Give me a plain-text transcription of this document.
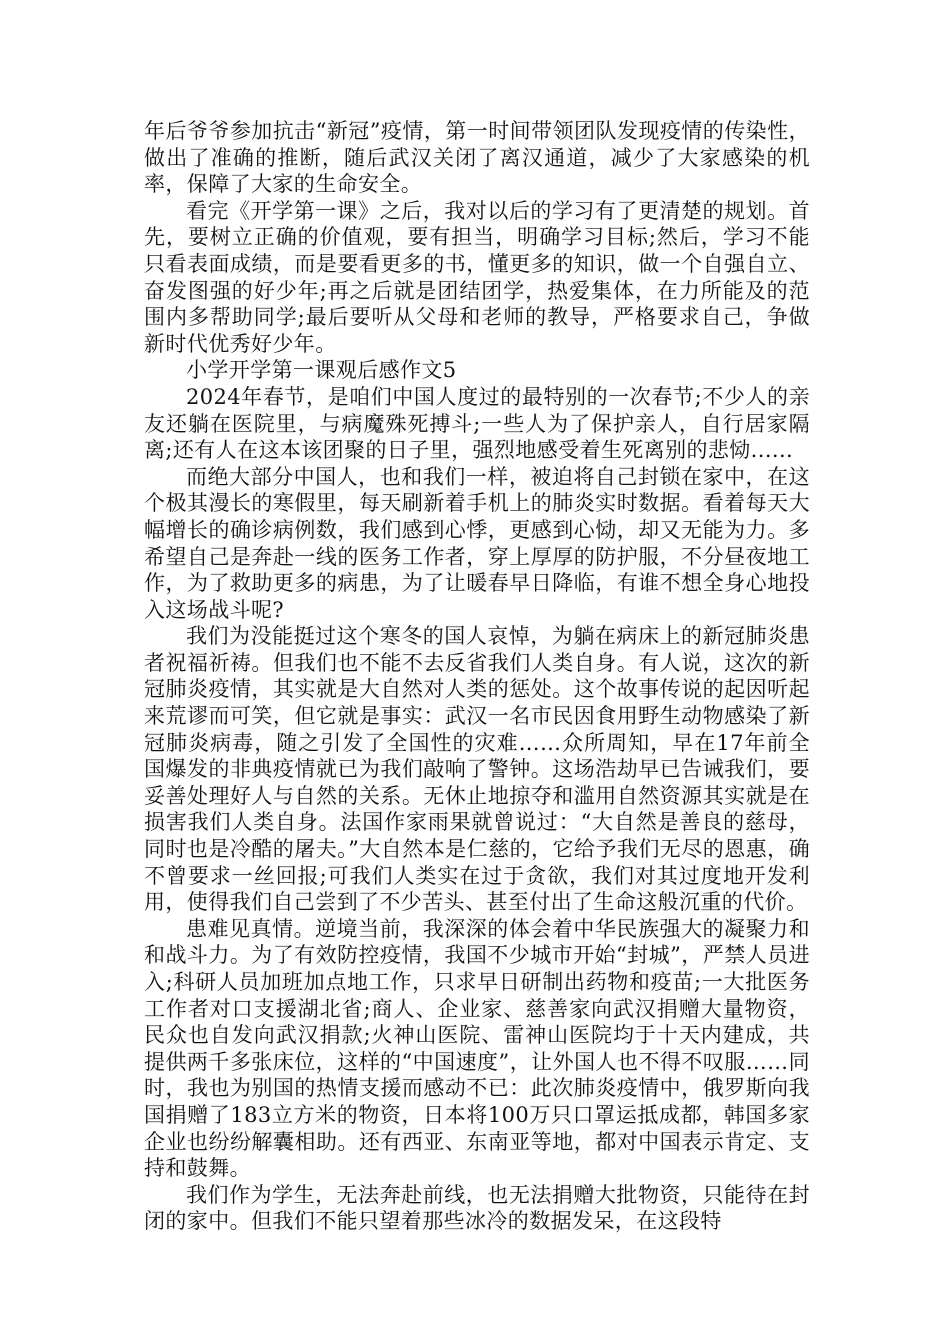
年后爷爷参加抗击“新冠”疫情，第一时间带领团队发现疫情的传染性，做出了准确的推断，随后武汉关闭了离汉通道，减少了大家感染的机率，保障了大家的生命安全。

看完《开学第一课》之后，我对以后的学习有了更清楚的规划。首先，要树立正确的价值观，要有担当，明确学习目标;然后，学习不能只看表面成绩，而是要看更多的书，懂更多的知识，做一个自强自立、奋发图强的好少年;再之后就是团结团学，热爱集体，在力所能及的范围内多帮助同学;最后要听从父母和老师的教导，严格要求自己，争做新时代优秀好少年。

小学开学第一课观后感作文5

2024年春节，是咱们中国人度过的最特别的一次春节;不少人的亲友还躺在医院里，与病魔殊死搏斗;一些人为了保护亲人，自行居家隔离;还有人在这本该团聚的日子里，强烈地感受着生死离别的悲恸......

而绝大部分中国人，也和我们一样，被迫将自己封锁在家中，在这个极其漫长的寒假里，每天刷新着手机上的肺炎实时数据。看着每天大幅增长的确诊病例数，我们感到心悸，更感到心恸，却又无能为力。多希望自己是奔赴一线的医务工作者，穿上厚厚的防护服，不分昼夜地工作，为了救助更多的病患，为了让暖春早日降临，有谁不想全身心地投入这场战斗呢?

我们为没能挺过这个寒冬的国人哀悼，为躺在病床上的新冠肺炎患者祝福祈祷。但我们也不能不去反省我们人类自身。有人说，这次的新冠肺炎疫情，其实就是大自然对人类的惩处。这个故事传说的起因听起来荒谬而可笑，但它就是事实：武汉一名市民因食用野生动物感染了新冠肺炎病毒，随之引发了全国性的灾难……众所周知，早在17年前全国爆发的非典疫情就已为我们敲响了警钟。这场浩劫早已告诫我们，要妥善处理好人与自然的关系。无休止地掠夺和滥用自然资源其实就是在损害我们人类自身。法国作家雨果就曾说过：“大自然是善良的慈母，同时也是冷酷的屠夫。”大自然本是仁慈的，它给予我们无尽的恩惠，确不曾要求一丝回报;可我们人类实在过于贪欲，我们对其过度地开发利用，使得我们自己尝到了不少苦头、甚至付出了生命这般沉重的代价。

患难见真情。逆境当前，我深深的体会着中华民族强大的凝聚力和和战斗力。为了有效防控疫情，我国不少城市开始“封城”，严禁人员进入;科研人员加班加点地工作，只求早日研制出药物和疫苗;一大批医务工作者对口支援湖北省;商人、企业家、慈善家向武汉捐赠大量物资，民众也自发向武汉捐款;火神山医院、雷神山医院均于十天内建成，共提供两千多张床位，这样的“中国速度”，让外国人也不得不叹服……同时，我也为别国的热情支援而感动不已：此次肺炎疫情中，俄罗斯向我国捐赠了183立方米的物资，日本将100万只口罩运抵成都，韩国多家企业也纷纷解囊相助。还有西亚、东南亚等地，都对中国表示肯定、支持和鼓舞。

我们作为学生，无法奔赴前线，也无法捐赠大批物资，只能待在封闭的家中。但我们不能只望着那些冰冷的数据发呆，在这段特
